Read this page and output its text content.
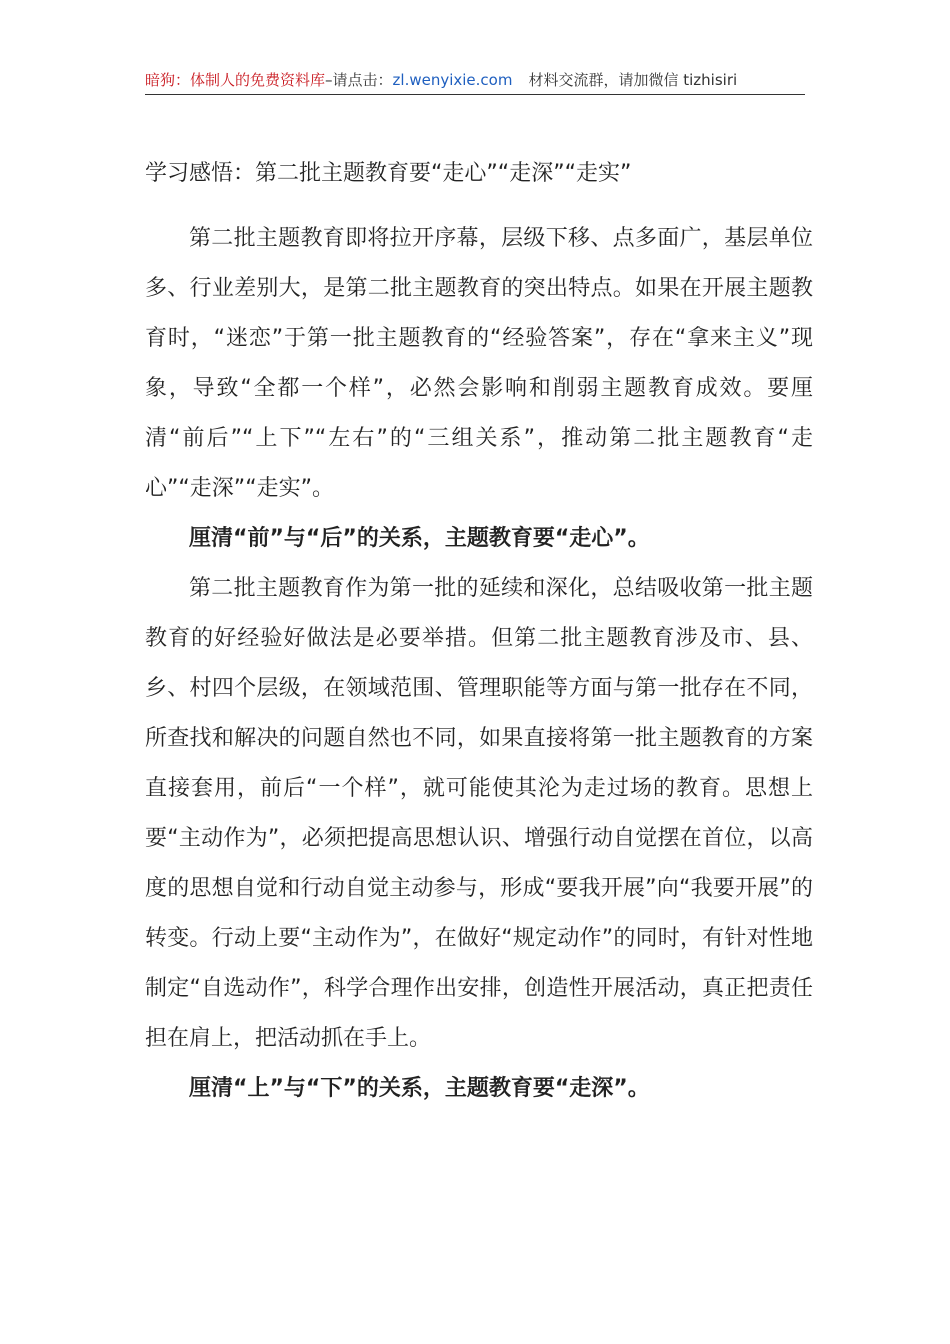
暗狗：体制人的免费资料库–请点击：zl.wenyixie.com 材料交流群，请加微信 tizhisiri
学习感悟：第二批主题教育要“走心”“走深”“走实”

第二批主题教育即将拉开序幕，层级下移、点多面广，基层单位多、行业差别大，是第二批主题教育的突出特点。如果在开展主题教育时，“迷恋”于第一批主题教育的“经验答案”，存在“拿来主义”现象，导致“全都一个样”，必然会影响和削弱主题教育成效。要厘清“前后”“上下”“左右”的“三组关系”，推动第二批主题教育“走心”“走深”“走实”。

厘清“前”与“后”的关系，主题教育要“走心”。

第二批主题教育作为第一批的延续和深化，总结吸收第一批主题教育的好经验好做法是必要举措。但第二批主题教育涉及市、县、乡、村四个层级，在领域范围、管理职能等方面与第一批存在不同，所查找和解决的问题自然也不同，如果直接将第一批主题教育的方案直接套用，前后“一个样”，就可能使其沦为走过场的教育。思想上要“主动作为”，必须把提高思想认识、增强行动自觉摆在首位，以高度的思想自觉和行动自觉主动参与，形成“要我开展”向“我要开展”的转变。行动上要“主动作为”，在做好“规定动作”的同时，有针对性地制定“自选动作”，科学合理作出安排，创造性开展活动，真正把责任担在肩上，把活动抓在手上。

厘清“上”与“下”的关系，主题教育要“走深”。
